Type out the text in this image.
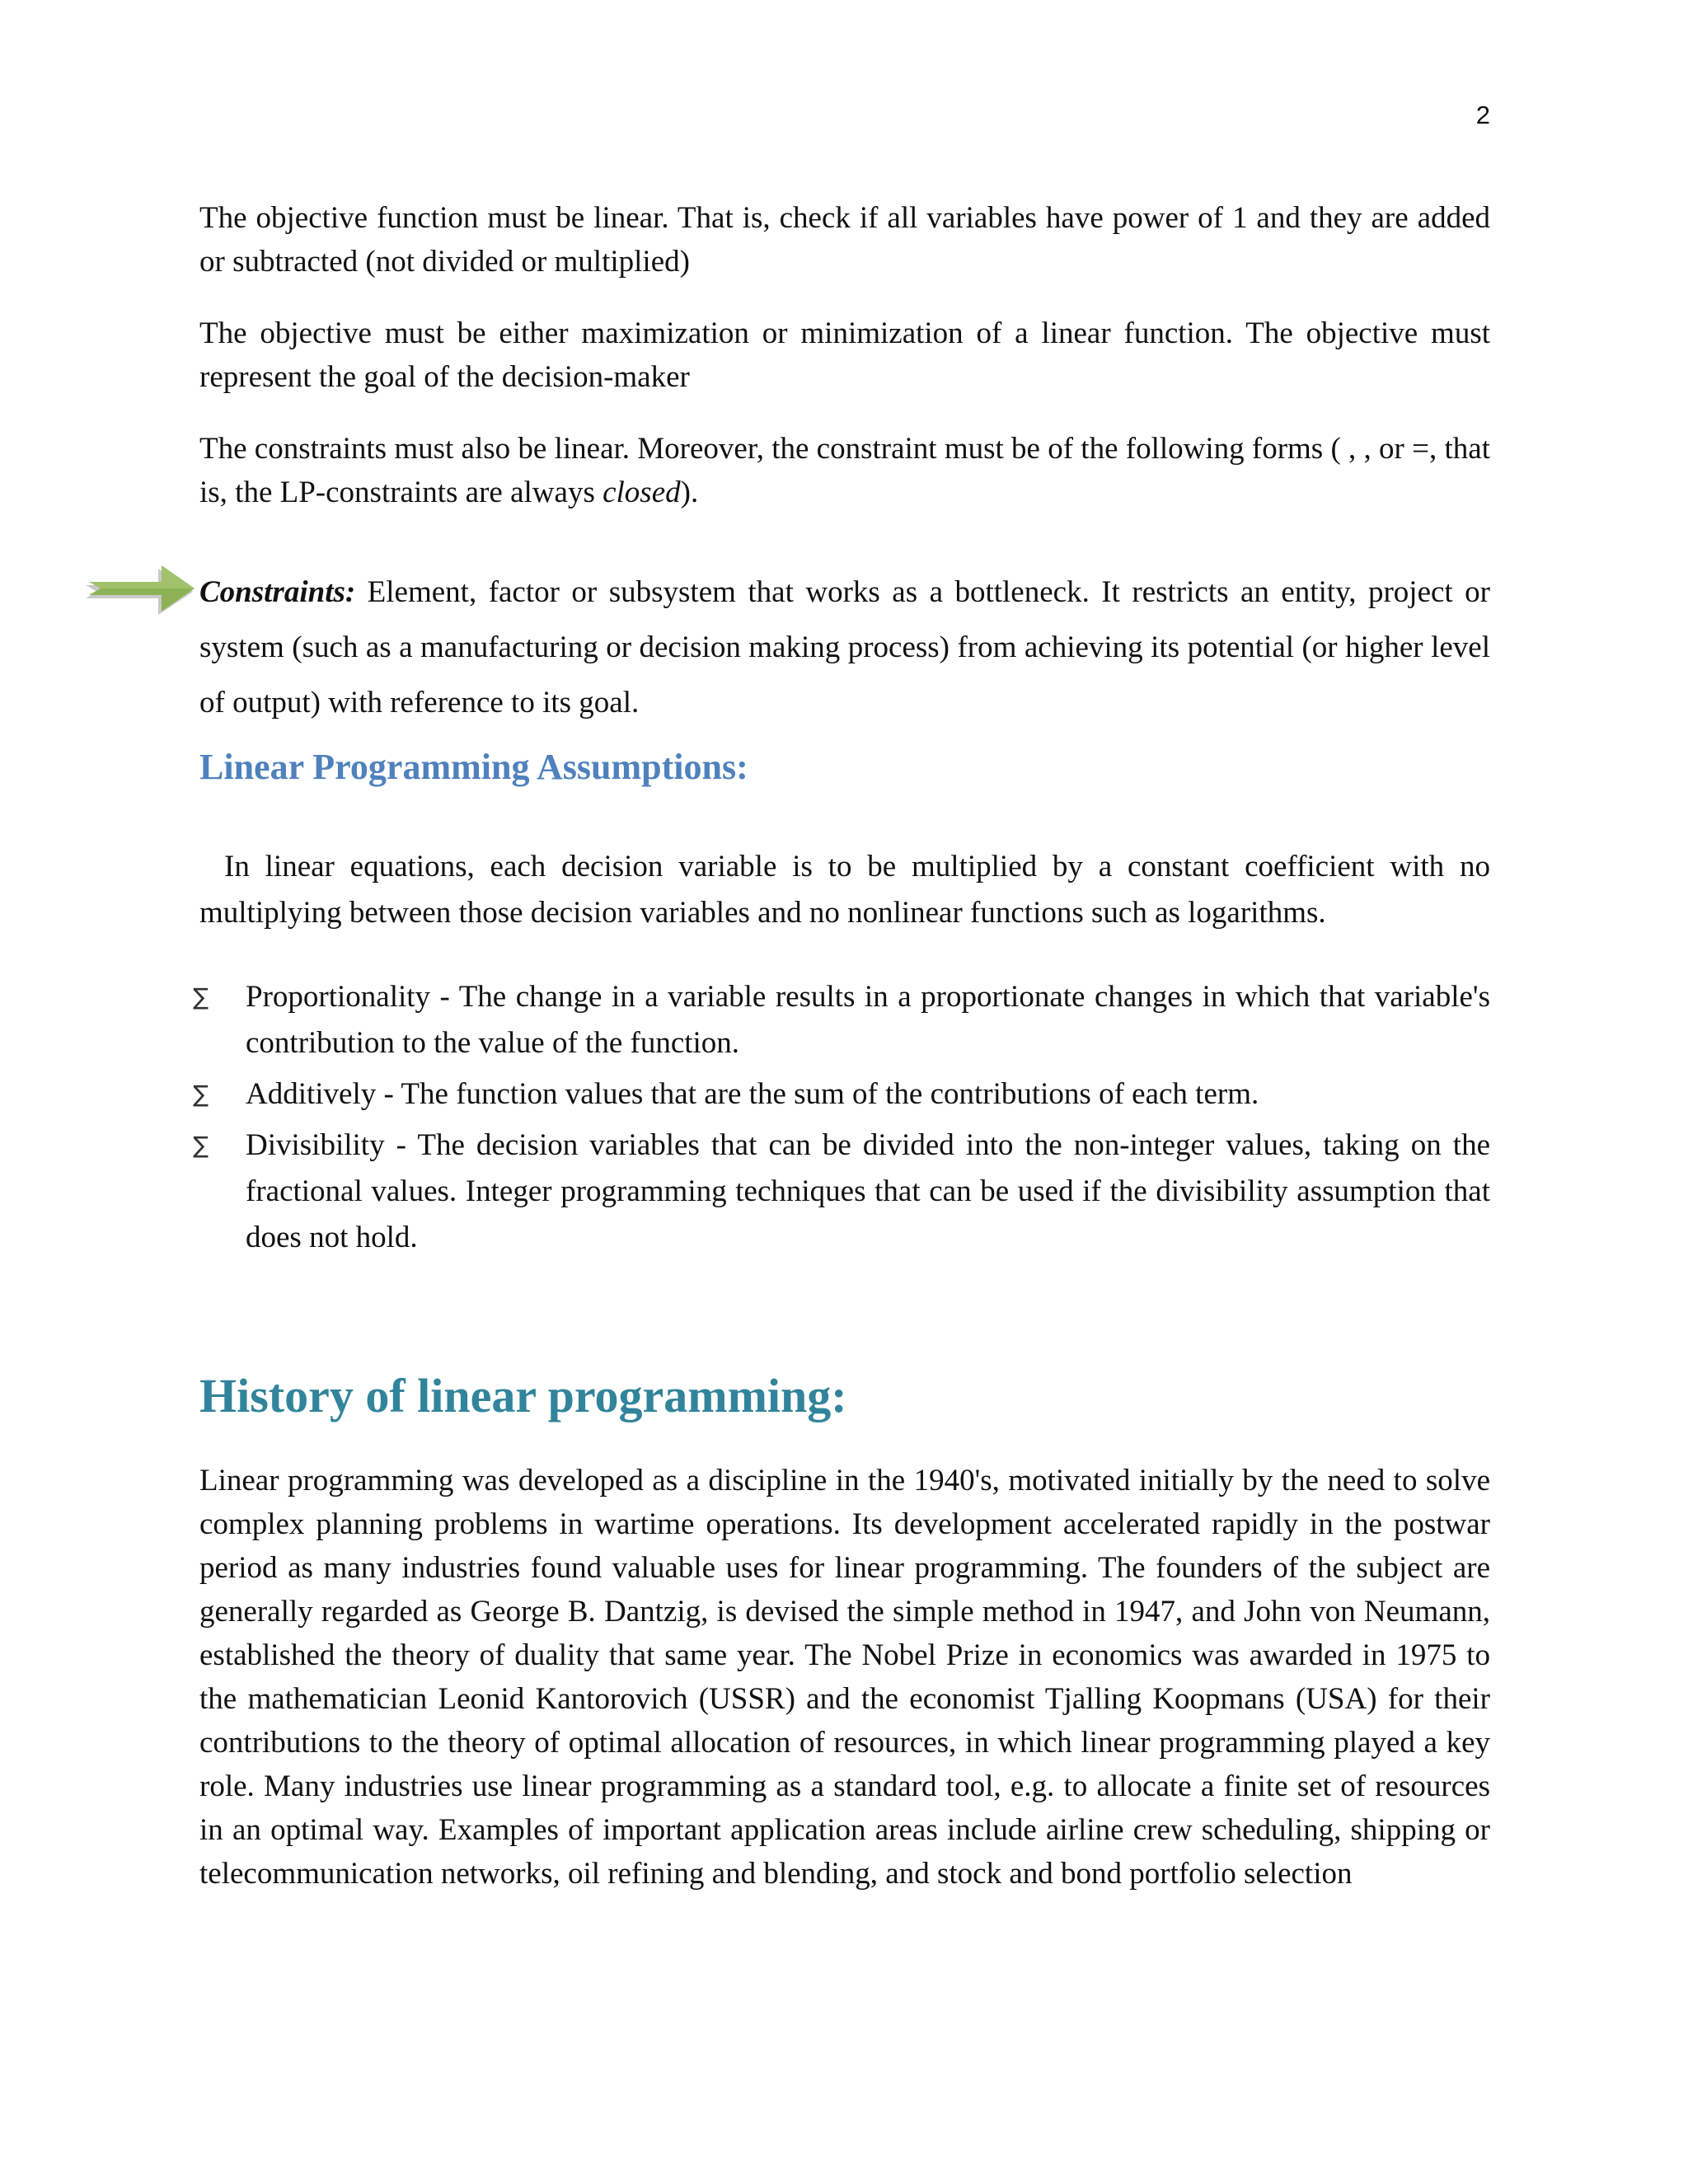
2

The objective function must be linear. That is, check if all variables have power of 1 and they are added or subtracted (not divided or multiplied)

The objective must be either maximization or minimization of a linear function. The objective must represent the goal of the decision-maker

The constraints must also be linear. Moreover, the constraint must be of the following forms ( , , or =, that is, the LP-constraints are always closed).

Constraints: Element, factor or subsystem that works as a bottleneck. It restricts an entity, project or system (such as a manufacturing or decision making process) from achieving its potential (or higher level of output) with reference to its goal.

Linear Programming Assumptions:

In linear equations, each decision variable is to be multiplied by a constant coefficient with no multiplying between those decision variables and no nonlinear functions such as logarithms.

∑ Proportionality - The change in a variable results in a proportionate changes in which that variable's contribution to the value of the function.
∑ Additively - The function values that are the sum of the contributions of each term.
∑ Divisibility - The decision variables that can be divided into the non-integer values, taking on the fractional values. Integer programming techniques that can be used if the divisibility assumption that does not hold.
History of linear programming:

Linear programming was developed as a discipline in the 1940's, motivated initially by the need to solve complex planning problems in wartime operations. Its development accelerated rapidly in the postwar period as many industries found valuable uses for linear programming. The founders of the subject are generally regarded as George B. Dantzig, is devised the simple method in 1947, and John von Neumann, established the theory of duality that same year. The Nobel Prize in economics was awarded in 1975 to the mathematician Leonid Kantorovich (USSR) and the economist Tjalling Koopmans (USA) for their contributions to the theory of optimal allocation of resources, in which linear programming played a key role. Many industries use linear programming as a standard tool, e.g. to allocate a finite set of resources in an optimal way. Examples of important application areas include airline crew scheduling, shipping or telecommunication networks, oil refining and blending, and stock and bond portfolio selection
